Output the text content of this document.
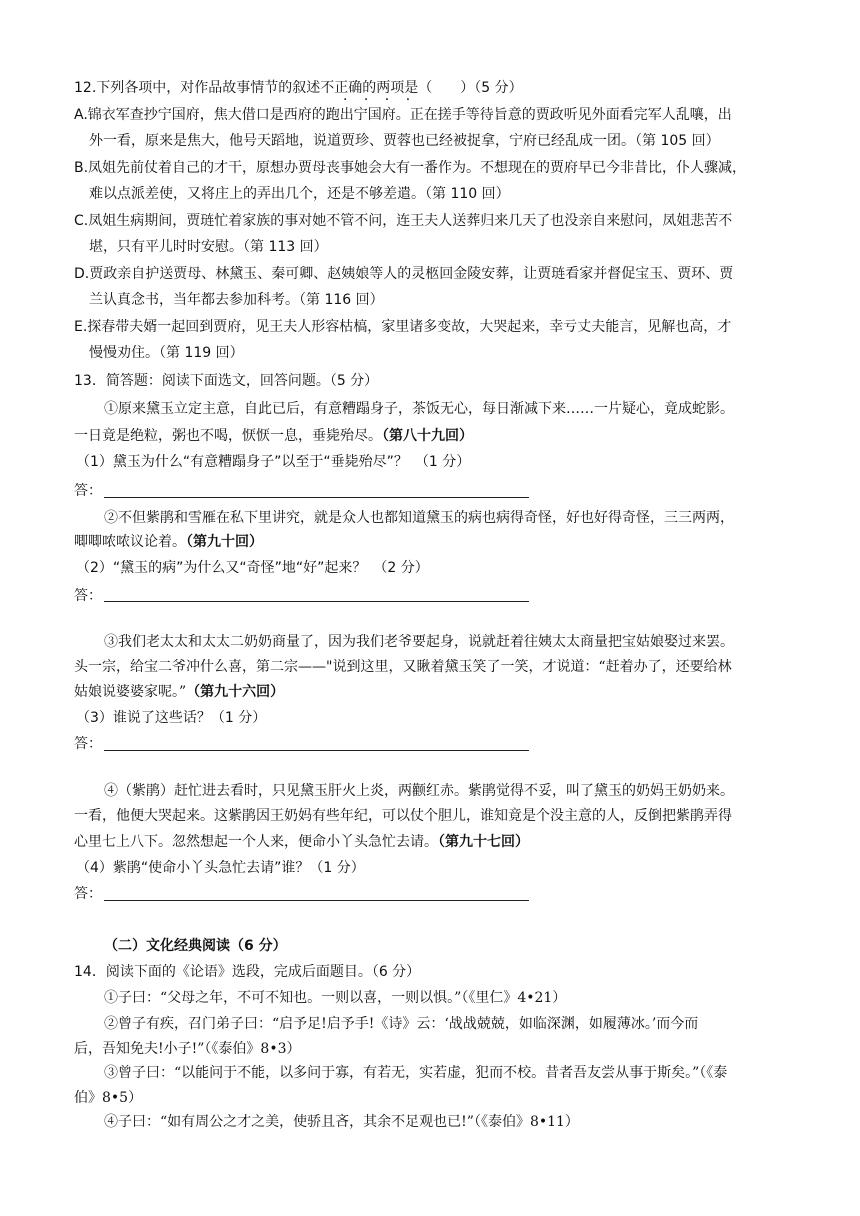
12.下列各项中，对作品故事情节的叙述不正确的两项是（　　）（5 分）
· · · ·
A.锦衣军查抄宁国府，焦大借口是西府的跑出宁国府。正在搓手等待旨意的贾政听见外面看完军人乱嚷，出
外一看，原来是焦大，他号天蹈地，说道贾珍、贾蓉也已经被捉拿，宁府已经乱成一团。（第 105 回）
B.凤姐先前仗着自己的才干，原想办贾母丧事她会大有一番作为。不想现在的贾府早已今非昔比，仆人骤减，
难以点派差使，又将庄上的弄出几个，还是不够差遣。（第 110 回）
C.凤姐生病期间，贾琏忙着家族的事对她不管不问，连王夫人送葬归来几天了也没亲自来慰问，凤姐悲苦不
堪，只有平儿时时安慰。（第 113 回）
D.贾政亲自护送贾母、林黛玉、秦可卿、赵姨娘等人的灵柩回金陵安葬，让贾琏看家并督促宝玉、贾环、贾
兰认真念书，当年都去参加科考。（第 116 回）
E.探春带夫婿一起回到贾府，见王夫人形容枯槁，家里诸多变故，大哭起来，幸亏丈夫能言，见解也高，才
慢慢劝住。（第 119 回）
13．简答题：阅读下面选文，回答问题。（5 分）
①原来黛玉立定主意，自此已后，有意糟蹋身子，茶饭无心，每日渐减下来……一片疑心，竟成蛇影。
一日竟是绝粒，粥也不喝，恹恹一息，垂毙殆尽。（第八十九回）
（1）黛玉为什么“有意糟蹋身子”以至于“垂毙殆尽”？　（1 分）
答：
②不但紫鹃和雪雁在私下里讲究，就是众人也都知道黛玉的病也病得奇怪，好也好得奇怪，三三两两，
唧唧哝哝议论着。（第九十回）
（2）“黛玉的病”为什么又“奇怪”地“好”起来？　（2 分）
答：
③我们老太太和太太二奶奶商量了，因为我们老爷要起身，说就赶着往姨太太商量把宝姑娘娶过来罢。
头一宗，给宝二爷冲什么喜，第二宗——"说到这里，又瞅着黛玉笑了一笑，才说道：“赶着办了，还要给林
姑娘说婆婆家呢。”（第九十六回）
（3）谁说了这些话？（1 分）
答：
④（紫鹃）赶忙进去看时，只见黛玉肝火上炎，两颧红赤。紫鹃觉得不妥，叫了黛玉的奶妈王奶奶来。
一看，他便大哭起来。这紫鹃因王奶妈有些年纪，可以仗个胆儿，谁知竟是个没主意的人，反倒把紫鹃弄得
心里七上八下。忽然想起一个人来，便命小丫头急忙去请。（第九十七回）
（4）紫鹃“使命小丫头急忙去请”谁？（1 分）
答：
（二）文化经典阅读（6 分）
14．阅读下面的《论语》选段，完成后面题目。（6 分）
①子曰：“父母之年，不可不知也。一则以喜，一则以惧。”（《里仁》4•21）
②曾子有疾，召门弟子曰：“启予足!启予手!《诗》云：‘战战兢兢，如临深渊，如履薄冰。’而今而
后，吾知免夫!小子!”（《泰伯》8•3）
③曾子曰：“以能问于不能，以多问于寡，有若无，实若虚，犯而不校。昔者吾友尝从事于斯矣。”（《泰
伯》8•5）
④子曰：“如有周公之才之美，使骄且吝，其余不足观也已!”（《泰伯》8•11）
